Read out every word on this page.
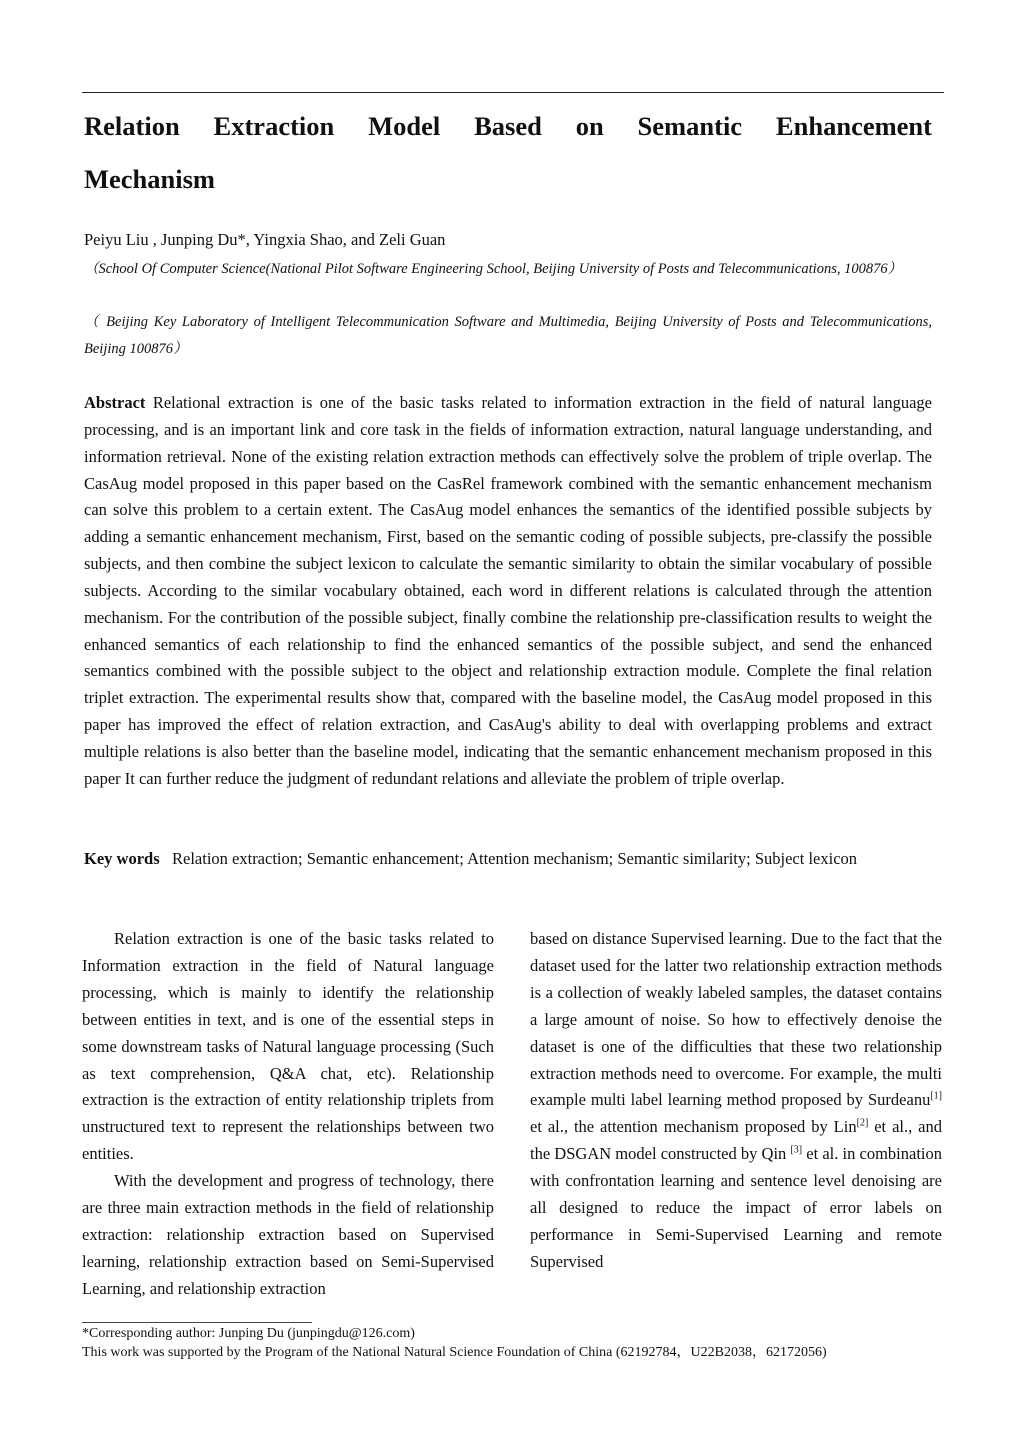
Relation Extraction Model Based on Semantic Enhancement
Mechanism
Peiyu Liu , Junping Du*, Yingxia Shao, and Zeli Guan
（School Of Computer Science(National Pilot Software Engineering School, Beijing University of Posts and Telecommunications, 100876）
（ Beijing Key Laboratory of Intelligent Telecommunication Software and Multimedia, Beijing University of Posts and Telecommunications, Beijing 100876）
Abstract Relational extraction is one of the basic tasks related to information extraction in the field of natural language processing, and is an important link and core task in the fields of information extraction, natural language understanding, and information retrieval. None of the existing relation extraction methods can effectively solve the problem of triple overlap. The CasAug model proposed in this paper based on the CasRel framework combined with the semantic enhancement mechanism can solve this problem to a certain extent. The CasAug model enhances the semantics of the identified possible subjects by adding a semantic enhancement mechanism, First, based on the semantic coding of possible subjects, pre-classify the possible subjects, and then combine the subject lexicon to calculate the semantic similarity to obtain the similar vocabulary of possible subjects. According to the similar vocabulary obtained, each word in different relations is calculated through the attention mechanism. For the contribution of the possible subject, finally combine the relationship pre-classification results to weight the enhanced semantics of each relationship to find the enhanced semantics of the possible subject, and send the enhanced semantics combined with the possible subject to the object and relationship extraction module. Complete the final relation triplet extraction. The experimental results show that, compared with the baseline model, the CasAug model proposed in this paper has improved the effect of relation extraction, and CasAug's ability to deal with overlapping problems and extract multiple relations is also better than the baseline model, indicating that the semantic enhancement mechanism proposed in this paper It can further reduce the judgment of redundant relations and alleviate the problem of triple overlap.
Key words Relation extraction; Semantic enhancement; Attention mechanism; Semantic similarity; Subject lexicon

Relation extraction is one of the basic tasks related to Information extraction in the field of Natural language processing, which is mainly to identify the relationship between entities in text, and is one of the essential steps in some downstream tasks of Natural language processing (Such as text comprehension, Q&A chat, etc). Relationship extraction is the extraction of entity relationship triplets from unstructured text to represent the relationships between two entities.

With the development and progress of technology, there are three main extraction methods in the field of relationship extraction: relationship extraction based on Supervised learning, relationship extraction based on Semi-Supervised Learning, and relationship extraction

based on distance Supervised learning. Due to the fact that the dataset used for the latter two relationship extraction methods is a collection of weakly labeled samples, the dataset contains a large amount of noise. So how to effectively denoise the dataset is one of the difficulties that these two relationship extraction methods need to overcome. For example, the multi example multi label learning method proposed by Surdeanu[1] et al., the attention mechanism proposed by Lin[2] et al., and the DSGAN model constructed by Qin [3] et al. in combination with confrontation learning and sentence level denoising are all designed to reduce the impact of error labels on performance in Semi-Supervised Learning and remote Supervised

*Corresponding author: Junping Du (junpingdu@126.com)
This work was supported by the Program of the National Natural Science Foundation of China (62192784，U22B2038，62172056)
